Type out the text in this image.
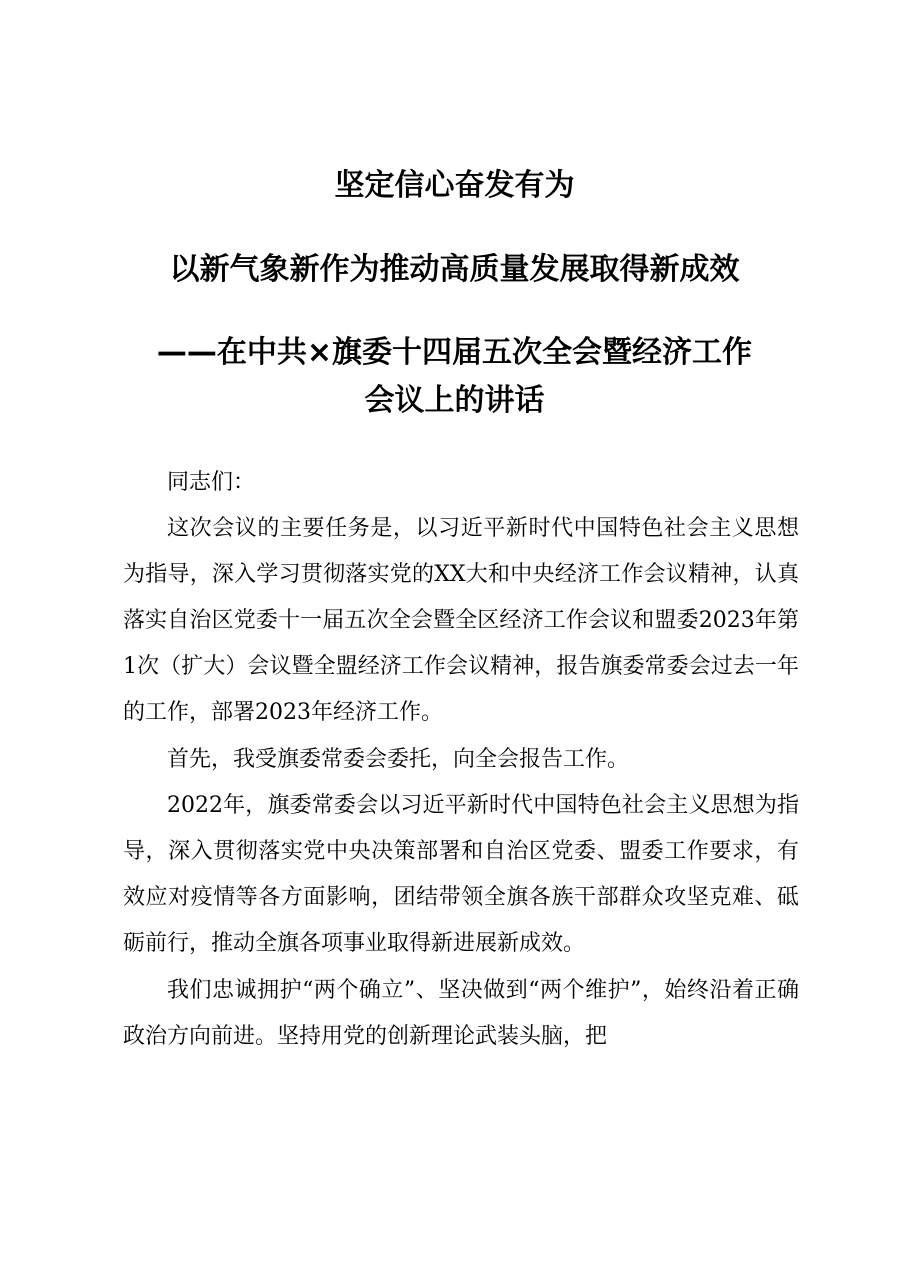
坚定信心奋发有为
以新气象新作为推动高质量发展取得新成效
——在中共×旗委十四届五次全会暨经济工作
会议上的讲话

同志们：

这次会议的主要任务是，以习近平新时代中国特色社会主义思想为指导，深入学习贯彻落实党的XX大和中央经济工作会议精神，认真落实自治区党委十一届五次全会暨全区经济工作会议和盟委2023年第1次（扩大）会议暨全盟经济工作会议精神，报告旗委常委会过去一年的工作，部署2023年经济工作。

首先，我受旗委常委会委托，向全会报告工作。

2022年，旗委常委会以习近平新时代中国特色社会主义思想为指导，深入贯彻落实党中央决策部署和自治区党委、盟委工作要求，有效应对疫情等各方面影响，团结带领全旗各族干部群众攻坚克难、砥砺前行，推动全旗各项事业取得新进展新成效。

我们忠诚拥护“两个确立”、坚决做到“两个维护”，始终沿着正确政治方向前进。坚持用党的创新理论武装头脑，把
